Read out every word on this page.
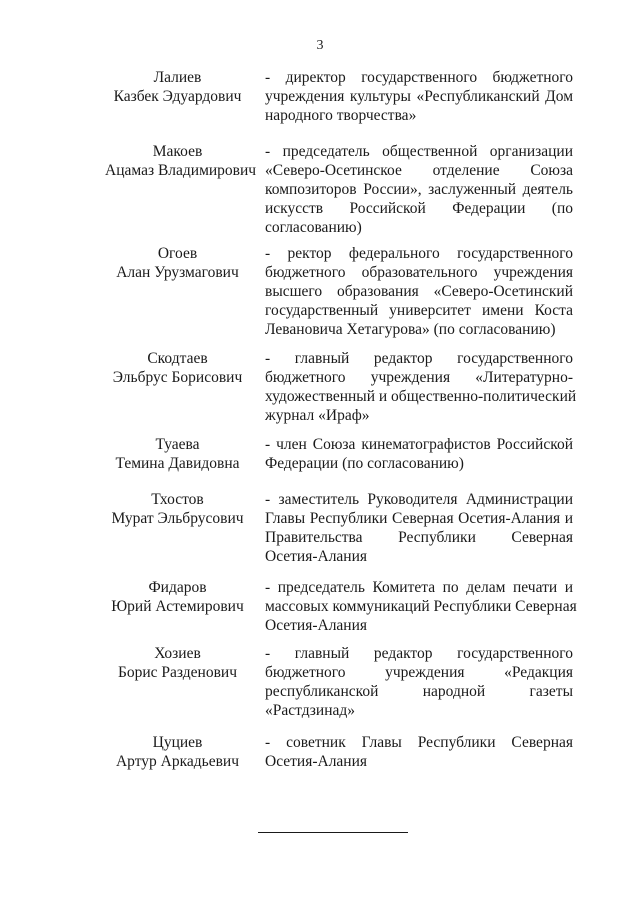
3
Лалиев
Казбек Эдуардович
- директор государственного бюджетного
учреждения культуры «Республиканский Дом
народного творчества»
Макоев
Ацамаз Владимирович
- председатель общественной организации
«Северо-Осетинское отделение Союза
композиторов России», заслуженный деятель
искусств Российской Федерации (по
согласованию)
Огоев
Алан Урузмагович
- ректор федерального государственного
бюджетного образовательного учреждения
высшего образования «Северо-Осетинский
государственный университет имени Коста
Левановича Хетагурова» (по согласованию)
Скодтаев
Эльбрус Борисович
- главный редактор государственного
бюджетного учреждения «Литературно-
художественный и общественно-политический
журнал «Ираф»
Туаева
Темина Давидовна
- член Союза кинематографистов Российской
Федерации (по согласованию)
Тхостов
Мурат Эльбрусович
- заместитель Руководителя Администрации
Главы Республики Северная Осетия-Алания и
Правительства Республики Северная
Осетия-Алания
Фидаров
Юрий Астемирович
- председатель Комитета по делам печати и
массовых коммуникаций Республики Северная
Осетия-Алания
Хозиев
Борис Разденович
- главный редактор государственного
бюджетного учреждения «Редакция
республиканской народной газеты
«Растдзинад»
Цуциев
Артур Аркадьевич
- советник Главы Республики Северная
Осетия-Алания
